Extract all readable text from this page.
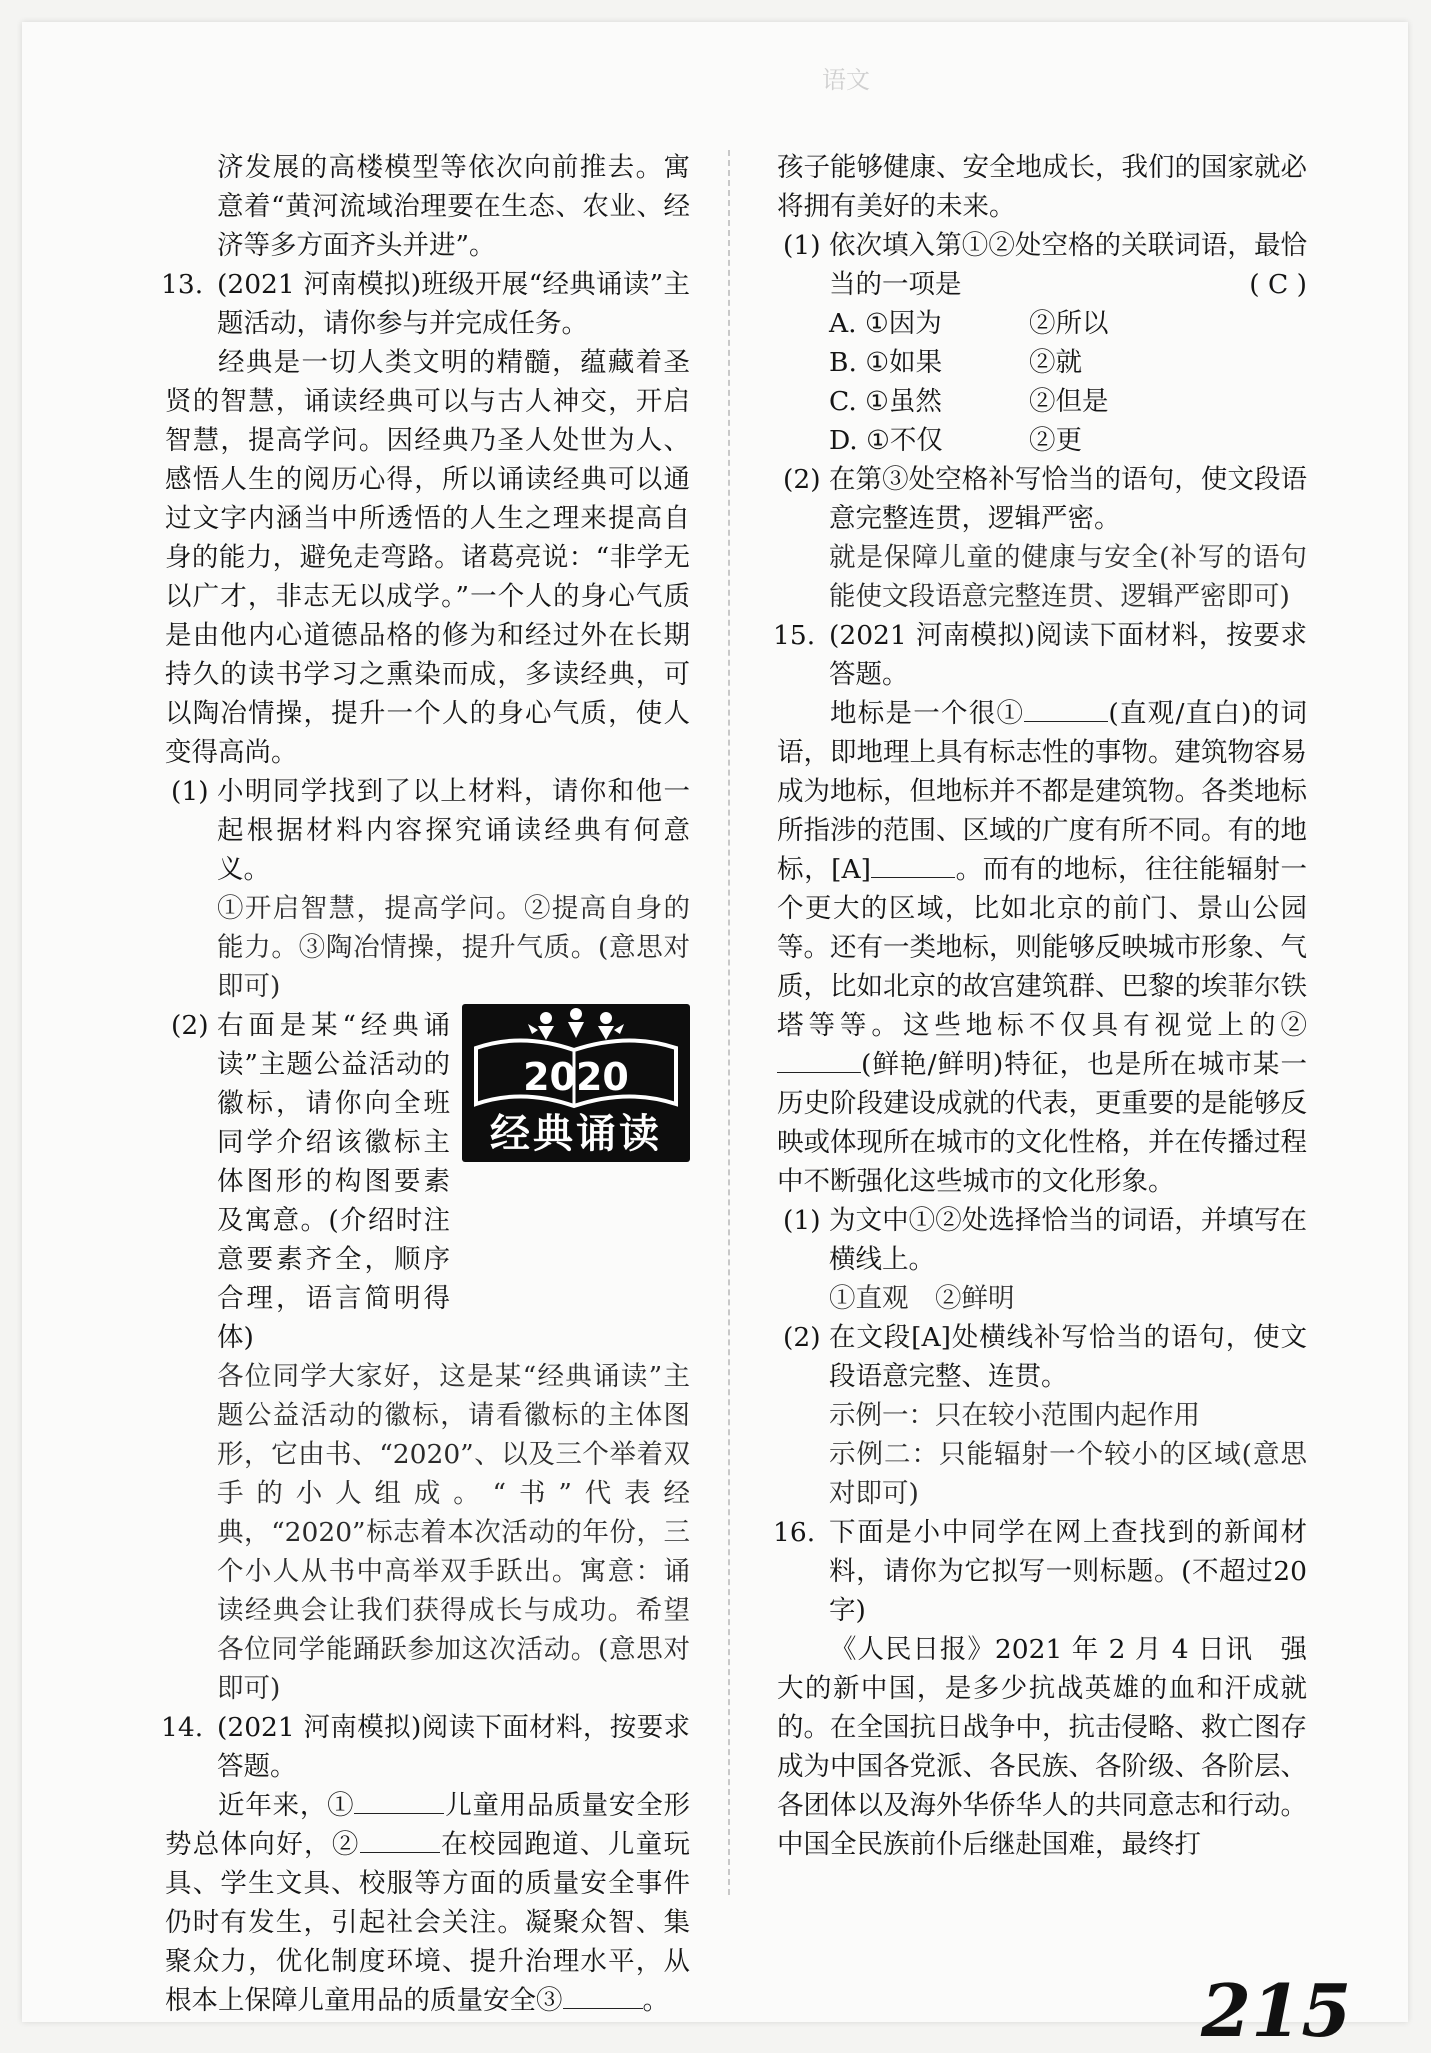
语文

济发展的高楼模型等依次向前推去。寓意着“黄河流域治理要在生态、农业、经济等多方面齐头并进”。

13. (2021 河南模拟)班级开展“经典诵读”主题活动，请你参与并完成任务。

经典是一切人类文明的精髓，蕴藏着圣贤的智慧，诵读经典可以与古人神交，开启智慧，提高学问。因经典乃圣人处世为人、感悟人生的阅历心得，所以诵读经典可以通过文字内涵当中所透悟的人生之理来提高自身的能力，避免走弯路。诸葛亮说：“非学无以广才，非志无以成学。”一个人的身心气质是由他内心道德品格的修为和经过外在长期持久的读书学习之熏染而成，多读经典，可以陶冶情操，提升一个人的身心气质，使人变得高尚。

(1) 小明同学找到了以上材料，请你和他一起根据材料内容探究诵读经典有何意义。

①开启智慧，提高学问。②提高自身的能力。③陶冶情操，提升气质。(意思对即可)

2020
经典诵读

(2) 右面是某“经典诵读”主题公益活动的徽标，请你向全班同学介绍该徽标主体图形的构图要素及寓意。(介绍时注意要素齐全，顺序合理，语言简明得体)

各位同学大家好，这是某“经典诵读”主题公益活动的徽标，请看徽标的主体图形，它由书、“2020”、以及三个举着双手的小人组成。“书”代表经典，“2020”标志着本次活动的年份，三个小人从书中高举双手跃出。寓意：诵读经典会让我们获得成长与成功。希望各位同学能踊跃参加这次活动。(意思对即可)

14. (2021 河南模拟)阅读下面材料，按要求答题。

近年来，①	儿童用品质量安全形势总体向好，②	在校园跑道、儿童玩具、学生文具、校服等方面的质量安全事件仍时有发生，引起社会关注。凝聚众智、集聚众力，优化制度环境、提升治理水平，从根本上保障儿童用品的质量安全③	。

孩子能够健康、安全地成长，我们的国家就必将拥有美好的未来。

(1) 依次填入第①②处空格的关联词语，最恰当的一项是	( C )

A. ①因为	②所以
B. ①如果	②就
C. ①虽然	②但是
D. ①不仅	②更

(2) 在第③处空格补写恰当的语句，使文段语意完整连贯，逻辑严密。

就是保障儿童的健康与安全(补写的语句能使文段语意完整连贯、逻辑严密即可)

15. (2021 河南模拟)阅读下面材料，按要求答题。

地标是一个很①	(直观/直白)的词语，即地理上具有标志性的事物。建筑物容易成为地标，但地标并不都是建筑物。各类地标所指涉的范围、区域的广度有所不同。有的地标，[A]	。而有的地标，往往能辐射一个更大的区域，比如北京的前门、景山公园等。还有一类地标，则能够反映城市形象、气质，比如北京的故宫建筑群、巴黎的埃菲尔铁塔等等。这些地标不仅具有视觉上的②(鲜艳/鲜明)特征，也是所在城市某一历史阶段建设成就的代表，更重要的是能够反映或体现所在城市的文化性格，并在传播过程中不断强化这些城市的文化形象。

(1) 为文中①②处选择恰当的词语，并填写在横线上。

①直观　②鲜明

(2) 在文段[A]处横线补写恰当的语句，使文段语意完整、连贯。

示例一：只在较小范围内起作用

示例二：只能辐射一个较小的区域(意思对即可)

16. 下面是小中同学在网上查找到的新闻材料，请你为它拟写一则标题。(不超过20字)

《人民日报》2021 年 2 月 4 日讯　强大的新中国，是多少抗战英雄的血和汗成就的。在全国抗日战争中，抗击侵略、救亡图存成为中国各党派、各民族、各阶级、各阶层、各团体以及海外华侨华人的共同意志和行动。中国全民族前仆后继赴国难，最终打

215
